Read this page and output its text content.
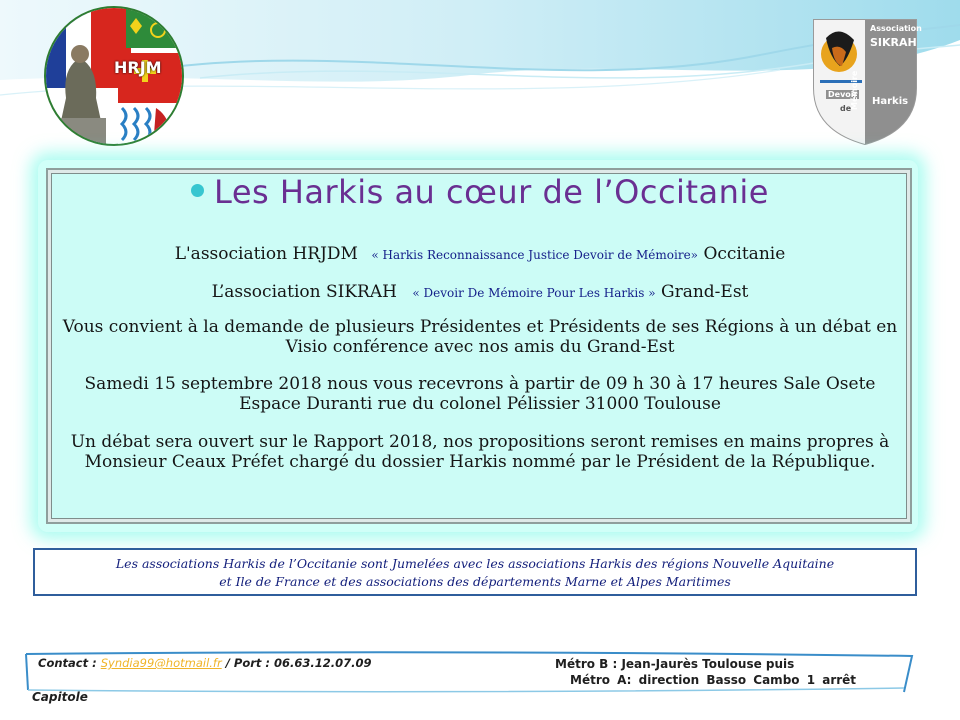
HRJM
Association
SIKRAH
Devoir
de
Mémoire Harkis
Les Harkis au cœur de l’Occitanie
L'association HRJDM « Harkis Reconnaissance Justice Devoir de Mémoire» Occitanie
L’association SIKRAH « Devoir De Mémoire Pour Les Harkis » Grand-Est
Vous convient à la demande de plusieurs Présidentes et Présidents de ses Régions à un débat en
Visio conférence avec nos amis du Grand-Est
Samedi 15 septembre 2018 nous vous recevrons à partir de 09 h 30 à 17 heures Sale Osete
Espace Duranti rue du colonel Pélissier 31000 Toulouse
Un débat sera ouvert sur le Rapport 2018, nos propositions seront remises en mains propres à
Monsieur Ceaux Préfet chargé du dossier Harkis nommé par le Président de la République.
Les associations Harkis de l’Occitanie sont Jumelées avec les associations Harkis des régions Nouvelle Aquitaine
et Ile de France et des associations des départements Marne et Alpes Maritimes
Contact : Syndia99@hotmail.fr / Port : 06.63.12.07.09	Métro B : Jean-Jaurès Toulouse puis
Métro A: direction Basso Cambo 1 arrêt
Capitole
